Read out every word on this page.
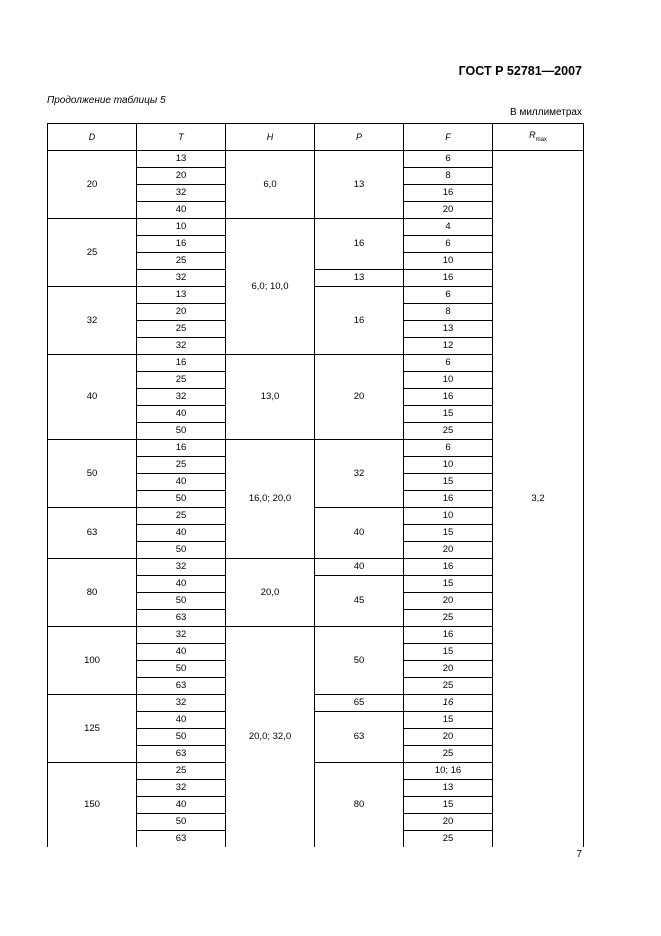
ГОСТ Р 52781—2007
Продолжение таблицы 5
В миллиметрах
D	T	H	P	F	$R_{max}$
20	13	6,0	13	6	3,2
	20			8	
	32			16	
	40			20	
25	10	6,0; 10,0	16	4	
	16			6	
	25			10	
	32		13	16	
32	13		16	6	
	20			8	
	25			13	
	32			12	
40	16	13,0	20	6	
	25			10	
	32			16	
	40			15	
	50			25	
50	16	16,0; 20,0	32	6	
	25			10	
	40			15	
	50			16	
63	25		40	10	
	40			15	
	50			20	
80	32	20,0	40	16	
	40		45	15	
	50			20	
	63			25	
100	32	20,0; 32,0	50	16	
	40			15	
	50			20	
	63			25	
125	32		65	16	
	40		63	15	
	50			20	
	63			25	
150	25		80	10; 16	
	32			13	
	40			15	
	50			20	
	63			25	
7
